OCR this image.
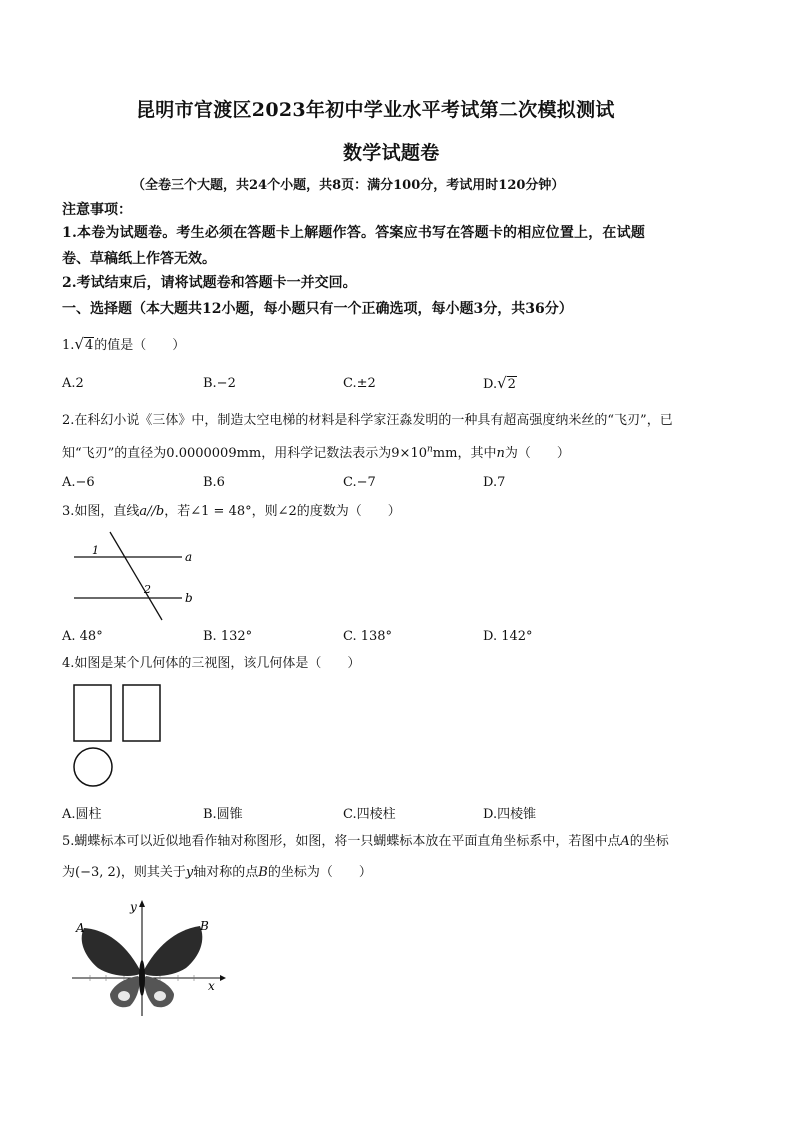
昆明市官渡区2023年初中学业水平考试第二次模拟测试
数学试题卷
（全卷三个大题，共24个小题，共8页：满分100分，考试用时120分钟）
注意事项：
1.本卷为试题卷。考生必须在答题卡上解题作答。答案应书写在答题卡的相应位置上，在试题
卷、草稿纸上作答无效。
2.考试结束后，请将试题卷和答题卡一并交回。
一、选择题（本大题共12小题，每小题只有一个正确选项，每小题3分，共36分）
1.√4的值是（　　）
A.2	B.−2	C.±2	D.√2
2.在科幻小说《三体》中，制造太空电梯的材料是科学家汪淼发明的一种具有超高强度纳米丝的“飞刃”，已
知“飞刃”的直径为0.0000009mm，用科学记数法表示为$9\times 10^nmm$，其中n为（　　）
A.−6	B.6	C.−7	D.7
3.如图，直线a//b，若∠1 = 48°，则∠2的度数为（　　）
1
2
a
b
A. 48°	B. 132°	C. 138°	D. 142°
4.如图是某个几何体的三视图，该几何体是（　　）
A.圆柱	B.圆锥	C.四棱柱	D.四棱锥
5.蝴蝶标本可以近似地看作轴对称图形，如图，将一只蝴蝶标本放在平面直角坐标系中，若图中点A的坐标
为(−3, 2)，则其关于y轴对称的点B的坐标为（　　）
y
x
A	B
